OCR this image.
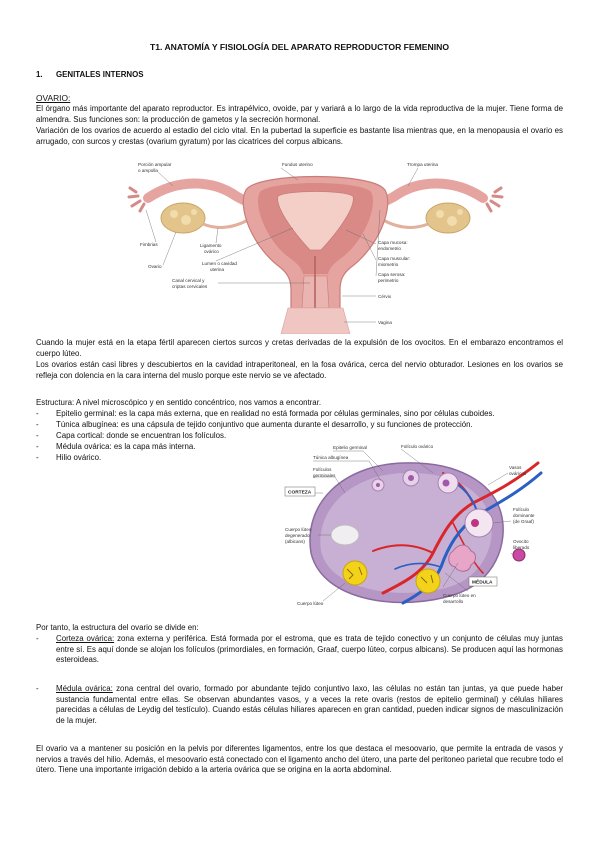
T1. ANATOMÍA Y FISIOLOGÍA DEL APARATO REPRODUCTOR FEMENINO
1. GENITALES INTERNOS
OVARIO:

El órgano más importante del aparato reproductor. Es intrapélvico, ovoide, par y variará a lo largo de la vida reproductiva de la mujer. Tiene forma de almendra. Sus funciones son: la producción de gametos y la secreción hormonal.

Variación de los ovarios de acuerdo al estadio del ciclo vital. En la pubertad la superficie es bastante lisa mientras que, en la menopausia el ovario es arrugado, con surcos y crestas (ovarium gyratum) por las cicatrices del corpus albicans.

Porción ampular
o ampolla
Fundus uterino	Trompa uterina
Fimbrias	Ligamento
ovárico
Ovario
Lumen o cavidad
uterina
Capa mucosa:
endometrio
Capa muscular:
miometrio
Capa serosa:
perimetrio
Canal cervical y
criptas cervicales
Cérvix
Vagina

Cuando la mujer está en la etapa fértil aparecen ciertos surcos y cretas derivadas de la expulsión de los ovocitos. En el embarazo encontramos el cuerpo lúteo.

Los ovarios están casi libres y descubiertos en la cavidad intraperitoneal, en la fosa ovárica, cerca del nervio obturador. Lesiones en los ovarios se refleja con dolencia en la cara interna del muslo porque este nervio se ve afectado.

Estructura: A nivel microscópico y en sentido concéntrico, nos vamos a encontrar.

- Epitelio germinal: es la capa más externa, que en realidad no está formada por células germinales, sino por células cuboides.
- Túnica albugínea: es una cápsula de tejido conjuntivo que aumenta durante el desarrollo, y su funciones de protección.
- Capa cortical: donde se encuentran los folículos.
- Médula ovárica: es la capa más interna.
- Hilio ovárico.
Epitelio germinal
Túnica albugínea
Folículos
germinales
CORTEZA
Cuerpo lúteo
degenerado
(albicans)
Cuerpo lúteo
Folículo ovárico
Vasos
ováricos
Folículo
dominante
(de Graaf)
Ovocito
liberado
MÉDULA
Cuerpo lúteo en
desarrollo

Por tanto, la estructura del ovario se divide en:

- Corteza ovárica: zona externa y periférica. Está formada por el estroma, que es trata de tejido conectivo y un conjunto de células muy juntas entre sí. Es aquí donde se alojan los folículos (primordiales, en formación, Graaf, cuerpo lúteo, corpus albicans). Se producen aquí las hormonas esteroideas.
- Médula ovárica: zona central del ovario, formado por abundante tejido conjuntivo laxo, las células no están tan juntas, ya que puede haber sustancia fundamental entre ellas. Se observan abundantes vasos, y a veces la rete ovaris (restos de epitelio germinal) y células hiliares parecidas a células de Leydig del testículo). Cuando estás células hiliares aparecen en gran cantidad, pueden indicar signos de masculinización de la mujer.

El ovario va a mantener su posición en la pelvis por diferentes ligamentos, entre los que destaca el mesoovario, que permite la entrada de vasos y nervios a través del hilio. Además, el mesoovario está conectado con el ligamento ancho del útero, una parte del peritoneo parietal que recubre todo el útero. Tiene una importante irrigación debido a la arteria ovárica que se origina en la aorta abdominal.
